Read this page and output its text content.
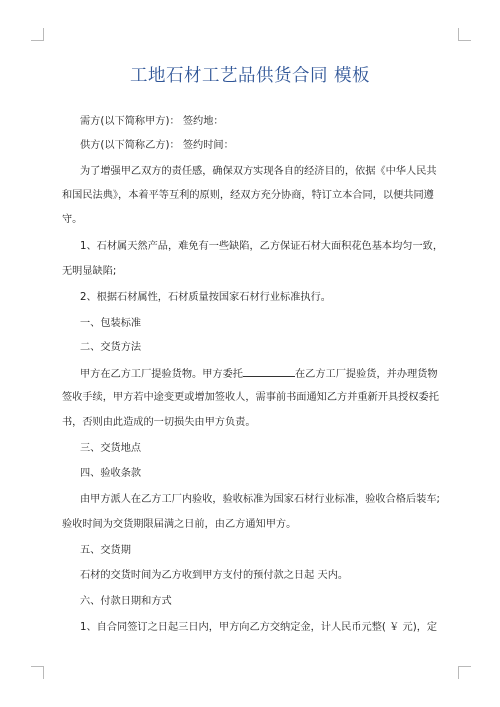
工地石材工艺品供货合同 模板
需方(以下简称甲方)： 签约地：
供方(以下简称乙方)： 签约时间：
为了增强甲乙双方的责任感，确保双方实现各自的经济目的，依据《中华人民共
和国民法典》，本着平等互利的原则，经双方充分协商，特订立本合同，以便共同遵
守。
1、石材属天然产品，难免有一些缺陷，乙方保证石材大面积花色基本均匀一致，
无明显缺陷;
2、根据石材属性，石材质量按国家石材行业标准执行。
一、包装标准
二、交货方法
甲方在乙方工厂提验货物。甲方委托	在乙方工厂提验货，并办理货物
签收手续，甲方若中途变更或增加签收人，需事前书面通知乙方并重新开具授权委托
书，否则由此造成的一切损失由甲方负责。
三、交货地点
四、验收条款
由甲方派人在乙方工厂内验收，验收标准为国家石材行业标准，验收合格后装车;
验收时间为交货期限届满之日前，由乙方通知甲方。
五、交货期
石材的交货时间为乙方收到甲方支付的预付款之日起 天内。
六、付款日期和方式
1、自合同签订之日起三日内，甲方向乙方交纳定金，计人民币元整( ￥ 元)，定
